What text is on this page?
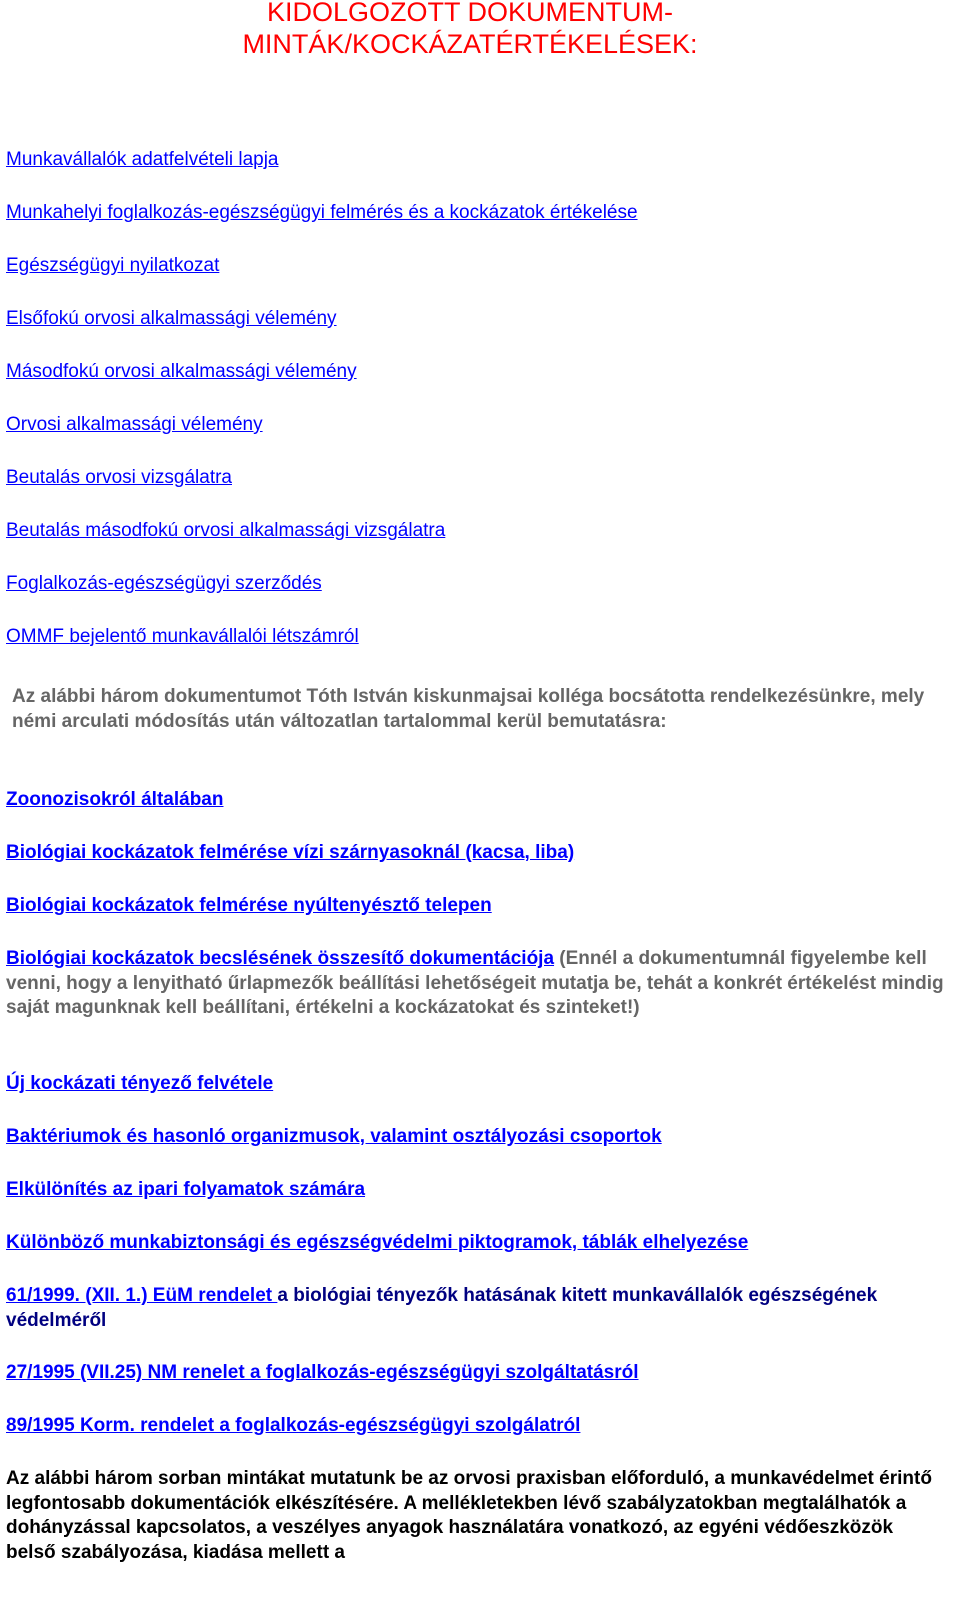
KIDOLGOZOTT DOKUMENTUM-
MINTÁK/KOCKÁZATÉRTÉKELÉSEK:

Munkavállalók adatfelvételi lapja

Munkahelyi foglalkozás-egészségügyi felmérés és a kockázatok értékelése

Egészségügyi nyilatkozat

Elsőfokú orvosi alkalmassági vélemény

Másodfokú orvosi alkalmassági vélemény

Orvosi alkalmassági vélemény

Beutalás orvosi vizsgálatra

Beutalás másodfokú orvosi alkalmassági vizsgálatra

Foglalkozás-egészségügyi szerződés

OMMF bejelentő munkavállalói létszámról

Az alábbi három dokumentumot Tóth István kiskunmajsai kolléga bocsátotta rendelkezésünkre, mely némi arculati módosítás után változatlan tartalommal kerül bemutatásra:

Zoonozisokról általában

Biológiai kockázatok felmérése vízi szárnyasoknál (kacsa, liba)

Biológiai kockázatok felmérése nyúltenyésztő telepen

Biológiai kockázatok becslésének összesítő dokumentációja (Ennél a dokumentumnál figyelembe kell venni, hogy a lenyitható űrlapmezők beállítási lehetőségeit mutatja be, tehát a konkrét értékelést mindig saját magunknak kell beállítani, értékelni a kockázatokat és szinteket!)

Új kockázati tényező felvétele

Baktériumok és hasonló organizmusok, valamint osztályozási csoportok

Elkülönítés az ipari folyamatok számára

Különböző munkabiztonsági és egészségvédelmi piktogramok, táblák elhelyezése

61/1999. (XII. 1.) EüM rendelet a biológiai tényezők hatásának kitett munkavállalók egészségének védelméről

27/1995 (VII.25) NM renelet a foglalkozás-egészségügyi szolgáltatásról

89/1995 Korm. rendelet a foglalkozás-egészségügyi szolgálatról

Az alábbi három sorban mintákat mutatunk be az orvosi praxisban előforduló, a munkavédelmet érintő legfontosabb dokumentációk elkészítésére. A mellékletekben lévő szabályzatokban megtalálhatók a dohányzással kapcsolatos, a veszélyes anyagok használatára vonatkozó, az egyéni védőeszközök belső szabályozása, kiadása mellett a
